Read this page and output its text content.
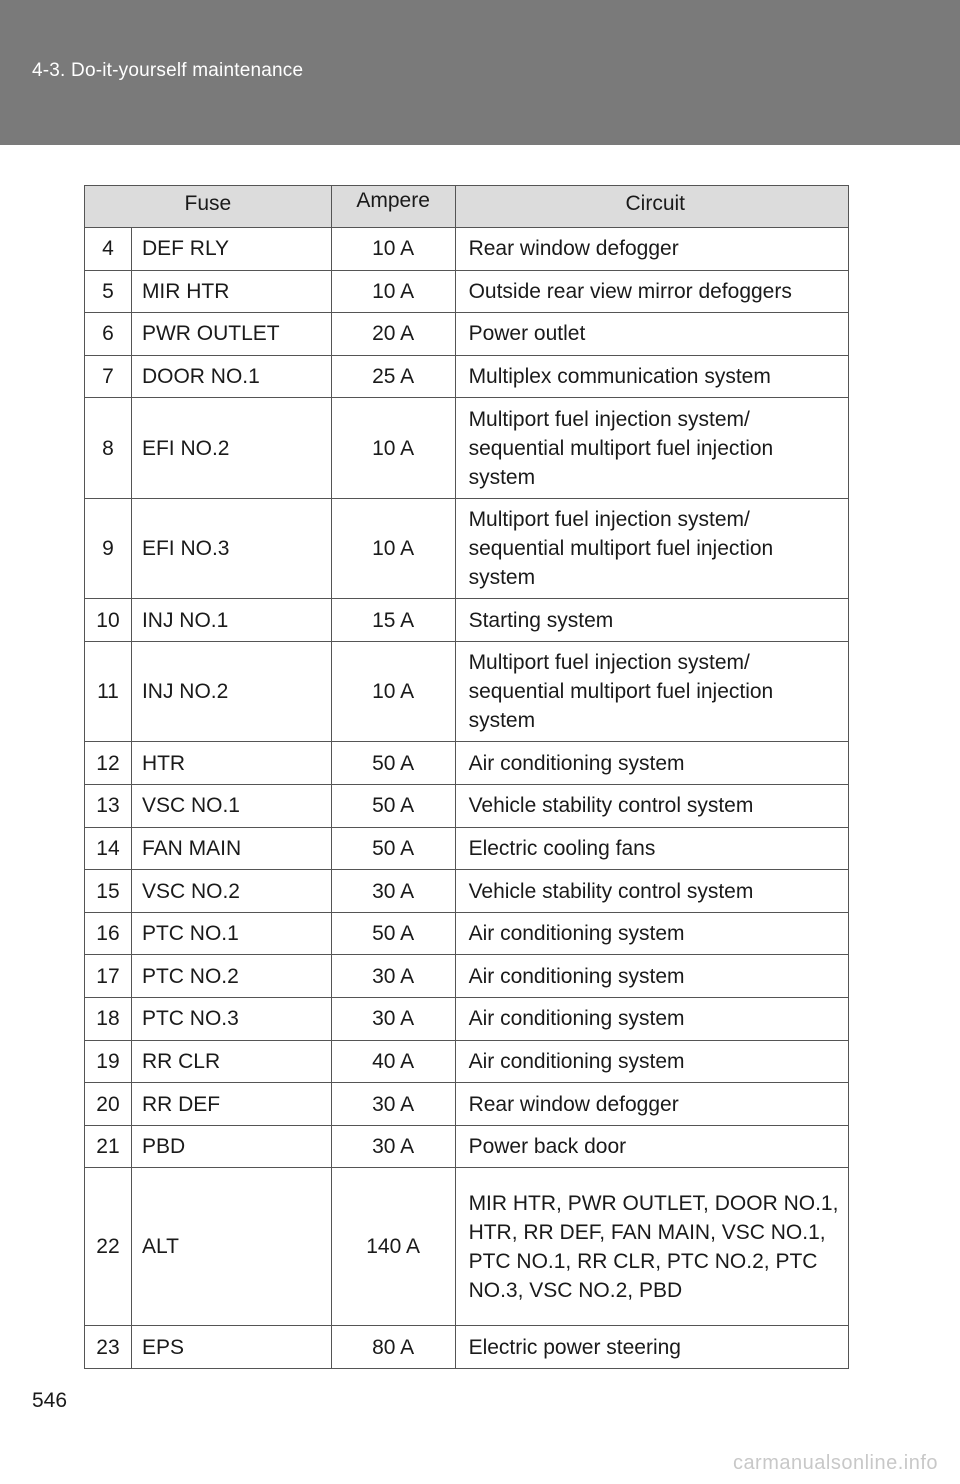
4-3. Do-it-yourself maintenance
Fuse		Ampere	Circuit
4	DEF RLY	10 A	Rear window defogger
5	MIR HTR	10 A	Outside rear view mirror defoggers
6	PWR OUTLET	20 A	Power outlet
7	DOOR NO.1	25 A	Multiplex communication system
8	EFI NO.2	10 A	Multiport fuel injection system/ sequential multiport fuel injection system
9	EFI NO.3	10 A	Multiport fuel injection system/ sequential multiport fuel injection system
10	INJ NO.1	15 A	Starting system
11	INJ NO.2	10 A	Multiport fuel injection system/ sequential multiport fuel injection system
12	HTR	50 A	Air conditioning system
13	VSC NO.1	50 A	Vehicle stability control system
14	FAN MAIN	50 A	Electric cooling fans
15	VSC NO.2	30 A	Vehicle stability control system
16	PTC NO.1	50 A	Air conditioning system
17	PTC NO.2	30 A	Air conditioning system
18	PTC NO.3	30 A	Air conditioning system
19	RR CLR	40 A	Air conditioning system
20	RR DEF	30 A	Rear window defogger
21	PBD	30 A	Power back door
22	ALT	140 A	MIR HTR, PWR OUTLET, DOOR NO.1, HTR, RR DEF, FAN MAIN, VSC NO.1, PTC NO.1, RR CLR, PTC NO.2, PTC NO.3, VSC NO.2, PBD
23	EPS	80 A	Electric power steering
546
carmanualsonline.info
